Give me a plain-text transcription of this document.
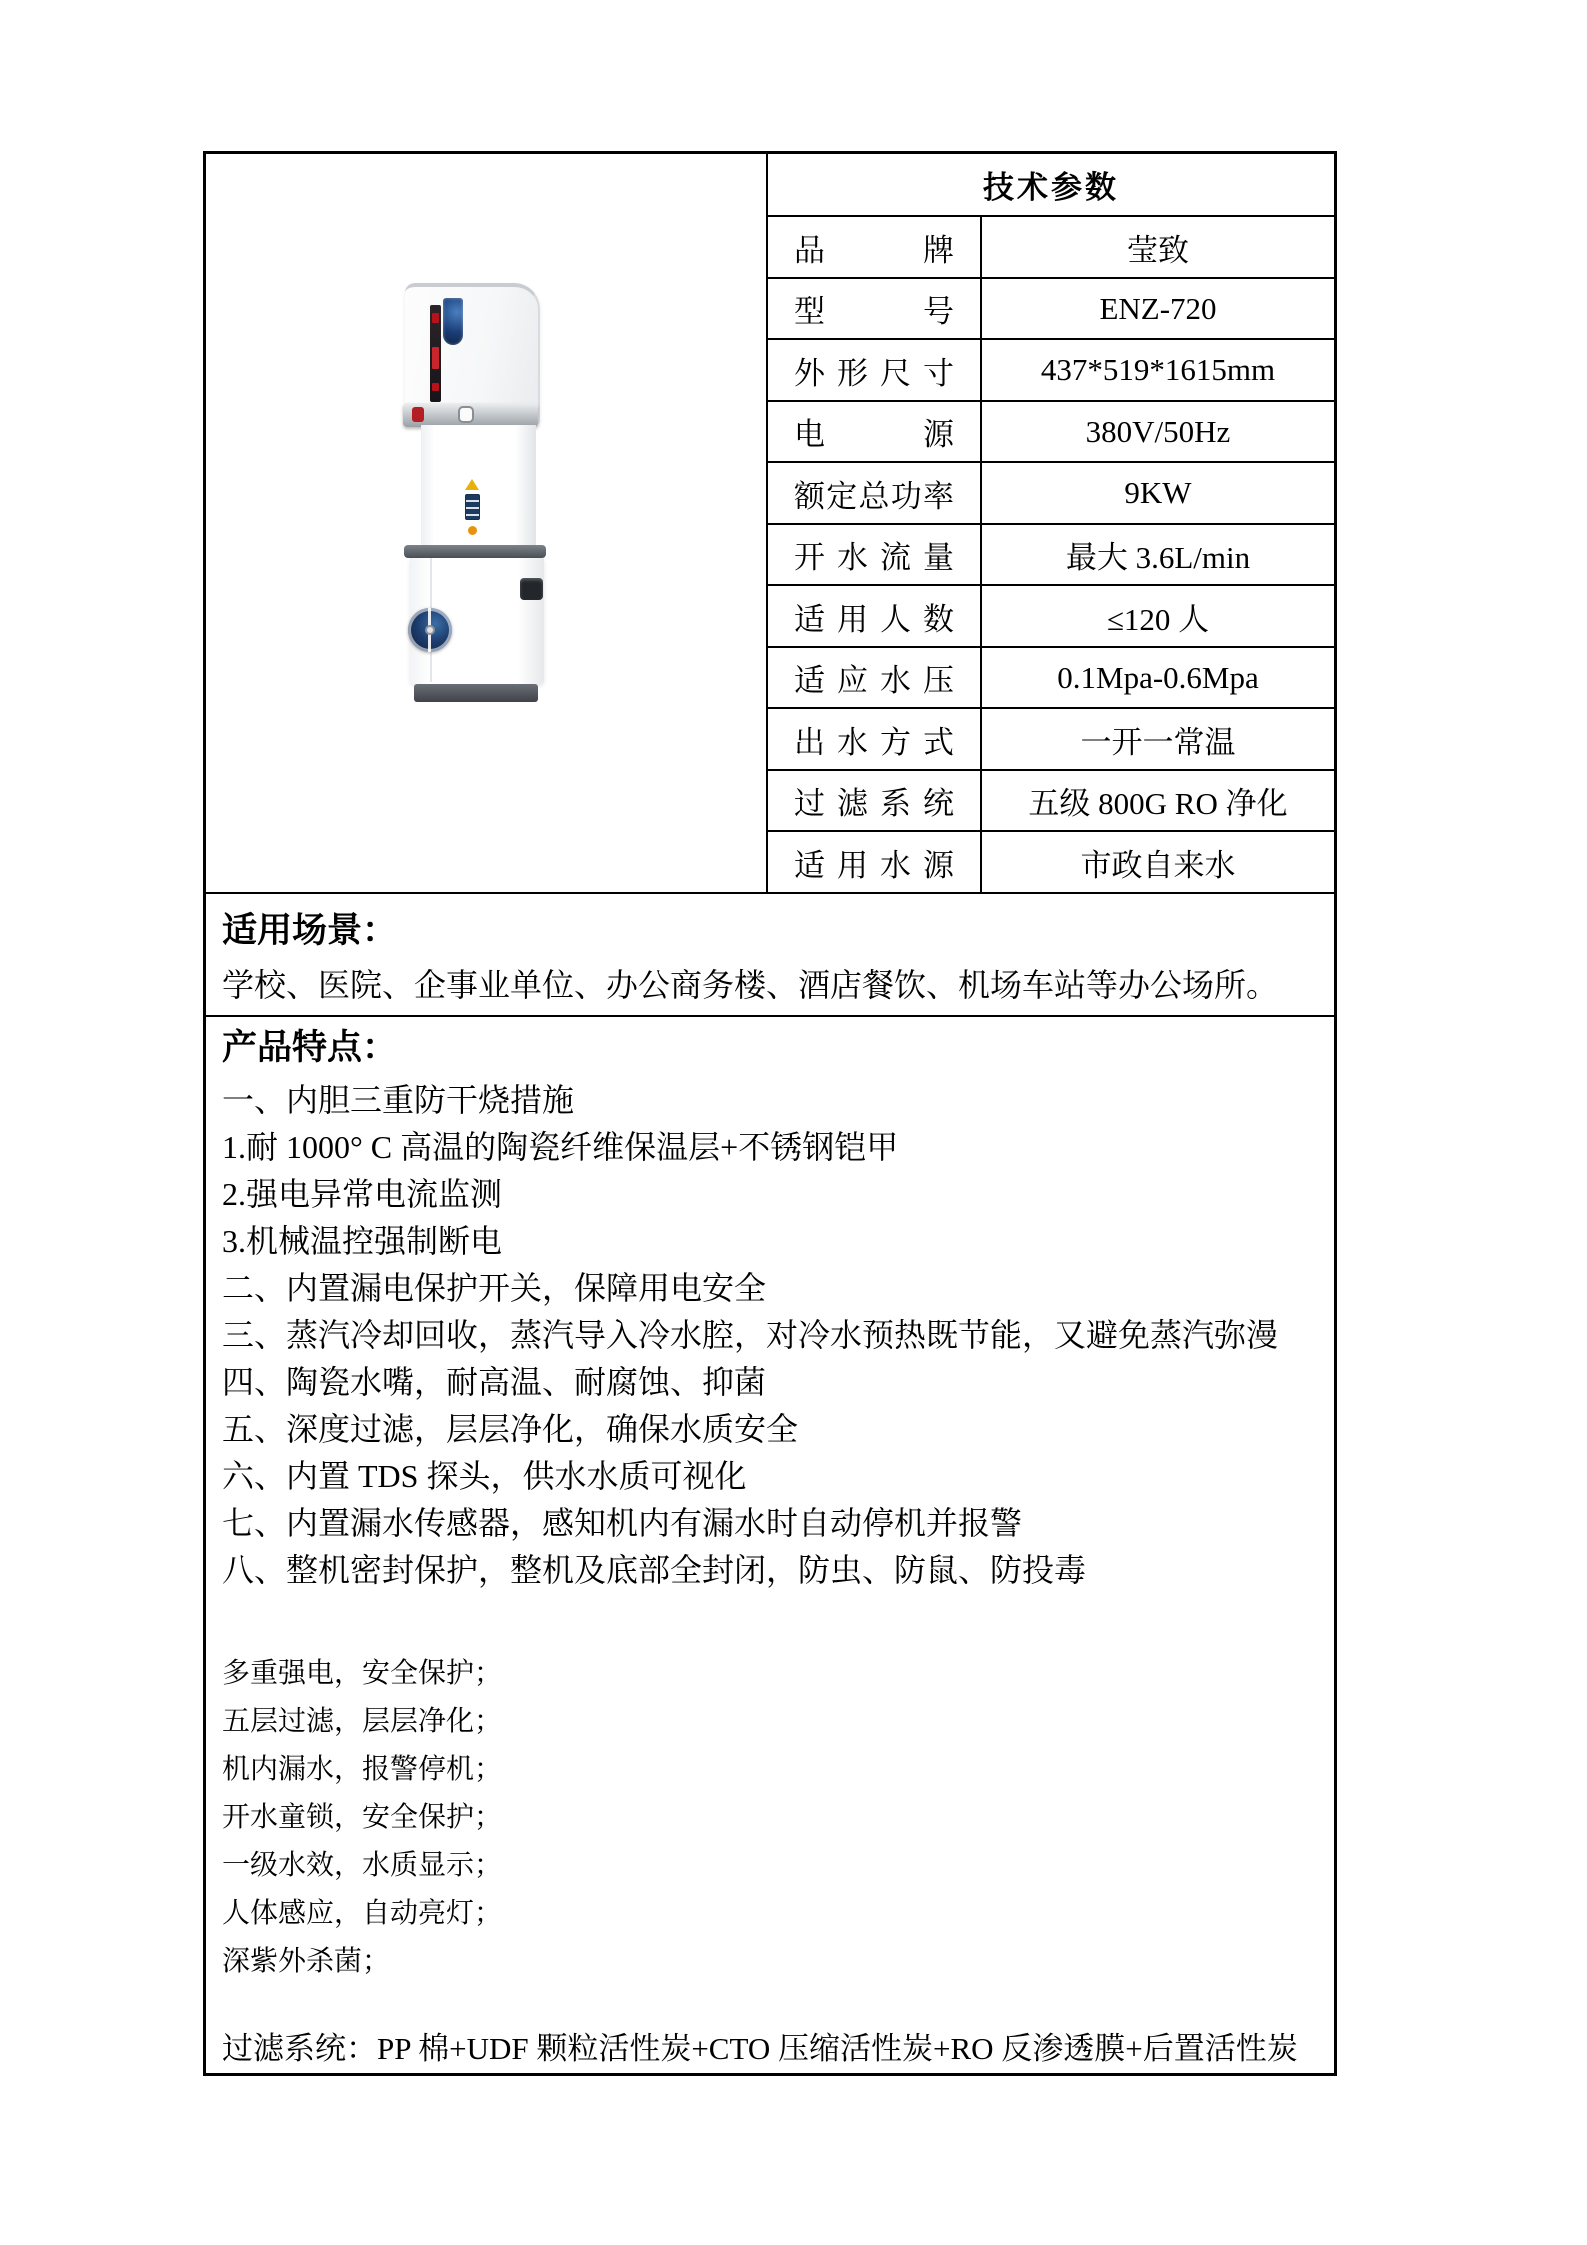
技术参数
品	牌	莹致
型	号	ENZ-720
外 形 尺 寸	437*519*1615mm
电	源	380V/50Hz
额 定 总 功 率	9KW
开 水 流 量	最大 3.6L/min
适 用 人 数	≤120 人
适 应 水 压	0.1Mpa-0.6Mpa
出 水 方 式	一开一常温
过 滤 系 统	五级 800G RO 净化
适 用 水 源	市政自来水
适用场景：
学校、医院、企事业单位、办公商务楼、酒店餐饮、机场车站等办公场所。
产品特点：
一、内胆三重防干烧措施
1.耐 1000° C 高温的陶瓷纤维保温层+不锈钢铠甲
2.强电异常电流监测
3.机械温控强制断电
二、内置漏电保护开关，保障用电安全
三、蒸汽冷却回收，蒸汽导入冷水腔，对冷水预热既节能，又避免蒸汽弥漫
四、陶瓷水嘴，耐高温、耐腐蚀、抑菌
五、深度过滤，层层净化，确保水质安全
六、内置 TDS 探头，供水水质可视化
七、内置漏水传感器，感知机内有漏水时自动停机并报警
八、整机密封保护，整机及底部全封闭，防虫、防鼠、防投毒
多重强电，安全保护；
五层过滤，层层净化；
机内漏水，报警停机；
开水童锁，安全保护；
一级水效，水质显示；
人体感应，自动亮灯；
深紫外杀菌；
过滤系统：PP 棉+UDF 颗粒活性炭+CTO 压缩活性炭+RO 反渗透膜+后置活性炭
